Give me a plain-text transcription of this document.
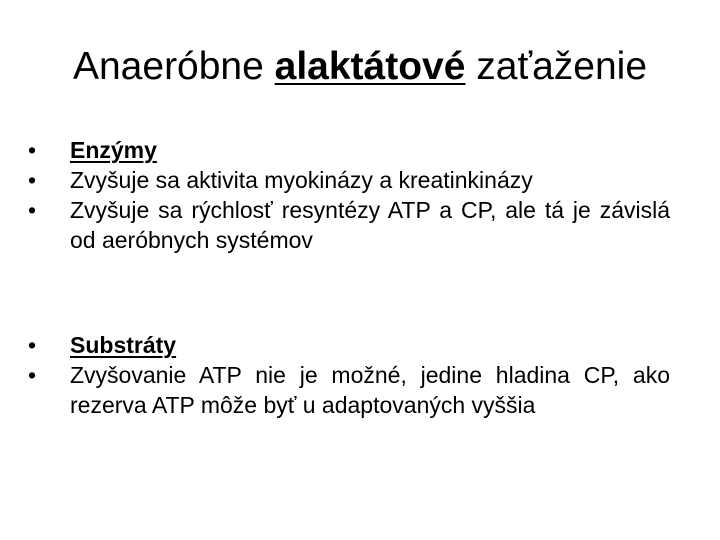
Anaeróbne alaktátové zaťaženie
•	Enzýmy
•	Zvyšuje sa aktivita myokinázy a kreatinkinázy
•	Zvyšuje sa rýchlosť resyntézy ATP a CP, ale tá je závislá od aeróbnych systémov
•	Substráty
•	Zvyšovanie ATP nie je možné, jedine hladina CP, ako rezerva ATP môže byť u adaptovaných vyššia
